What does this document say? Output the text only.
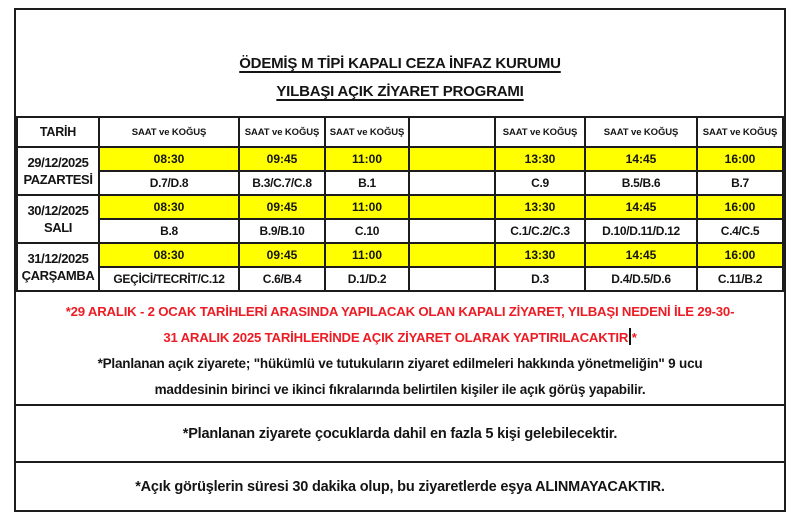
ÖDEMİŞ M TİPİ KAPALI CEZA İNFAZ KURUMU
YILBAŞI AÇIK ZİYARET PROGRAMI
TARİH	SAAT ve KOĞUŞ	SAAT ve KOĞUŞ	SAAT ve KOĞUŞ		SAAT ve KOĞUŞ	SAAT ve KOĞUŞ	SAAT ve KOĞUŞ

29/12/2025
PAZARTESİ	08:30	09:45	11:00		13:30	14:45	16:00
	D.7/D.8	B.3/C.7/C.8	B.1		C.9	B.5/B.6	B.7

30/12/2025
SALI	08:30	09:45	11:00		13:30	14:45	16:00
	B.8	B.9/B.10	C.10		C.1/C.2/C.3	D.10/D.11/D.12	C.4/C.5

31/12/2025
ÇARŞAMBA	08:30	09:45	11:00		13:30	14:45	16:00
	GEÇİCİ/TECRİT/C.12	C.6/B.4	D.1/D.2		D.3	D.4/D.5/D.6	C.11/B.2
*29 ARALIK - 2 OCAK TARİHLERİ ARASINDA YAPILACAK OLAN KAPALI ZİYARET, YILBAŞI NEDENİ İLE 29-30-
31 ARALIK 2025 TARİHLERİNDE AÇIK ZİYARET OLARAK YAPTIRILACAKTIR *
*Planlanan açık ziyarete; "hükümlü ve tutukuların ziyaret edilmeleri hakkında yönetmeliğin" 9 ucu
maddesinin birinci ve ikinci fıkralarında belirtilen kişiler ile açık görüş yapabilir.
*Planlanan ziyarete çocuklarda dahil en fazla 5 kişi gelebilecektir.
*Açık görüşlerin süresi 30 dakika olup, bu ziyaretlerde eşya ALINMAYACAKTIR.
